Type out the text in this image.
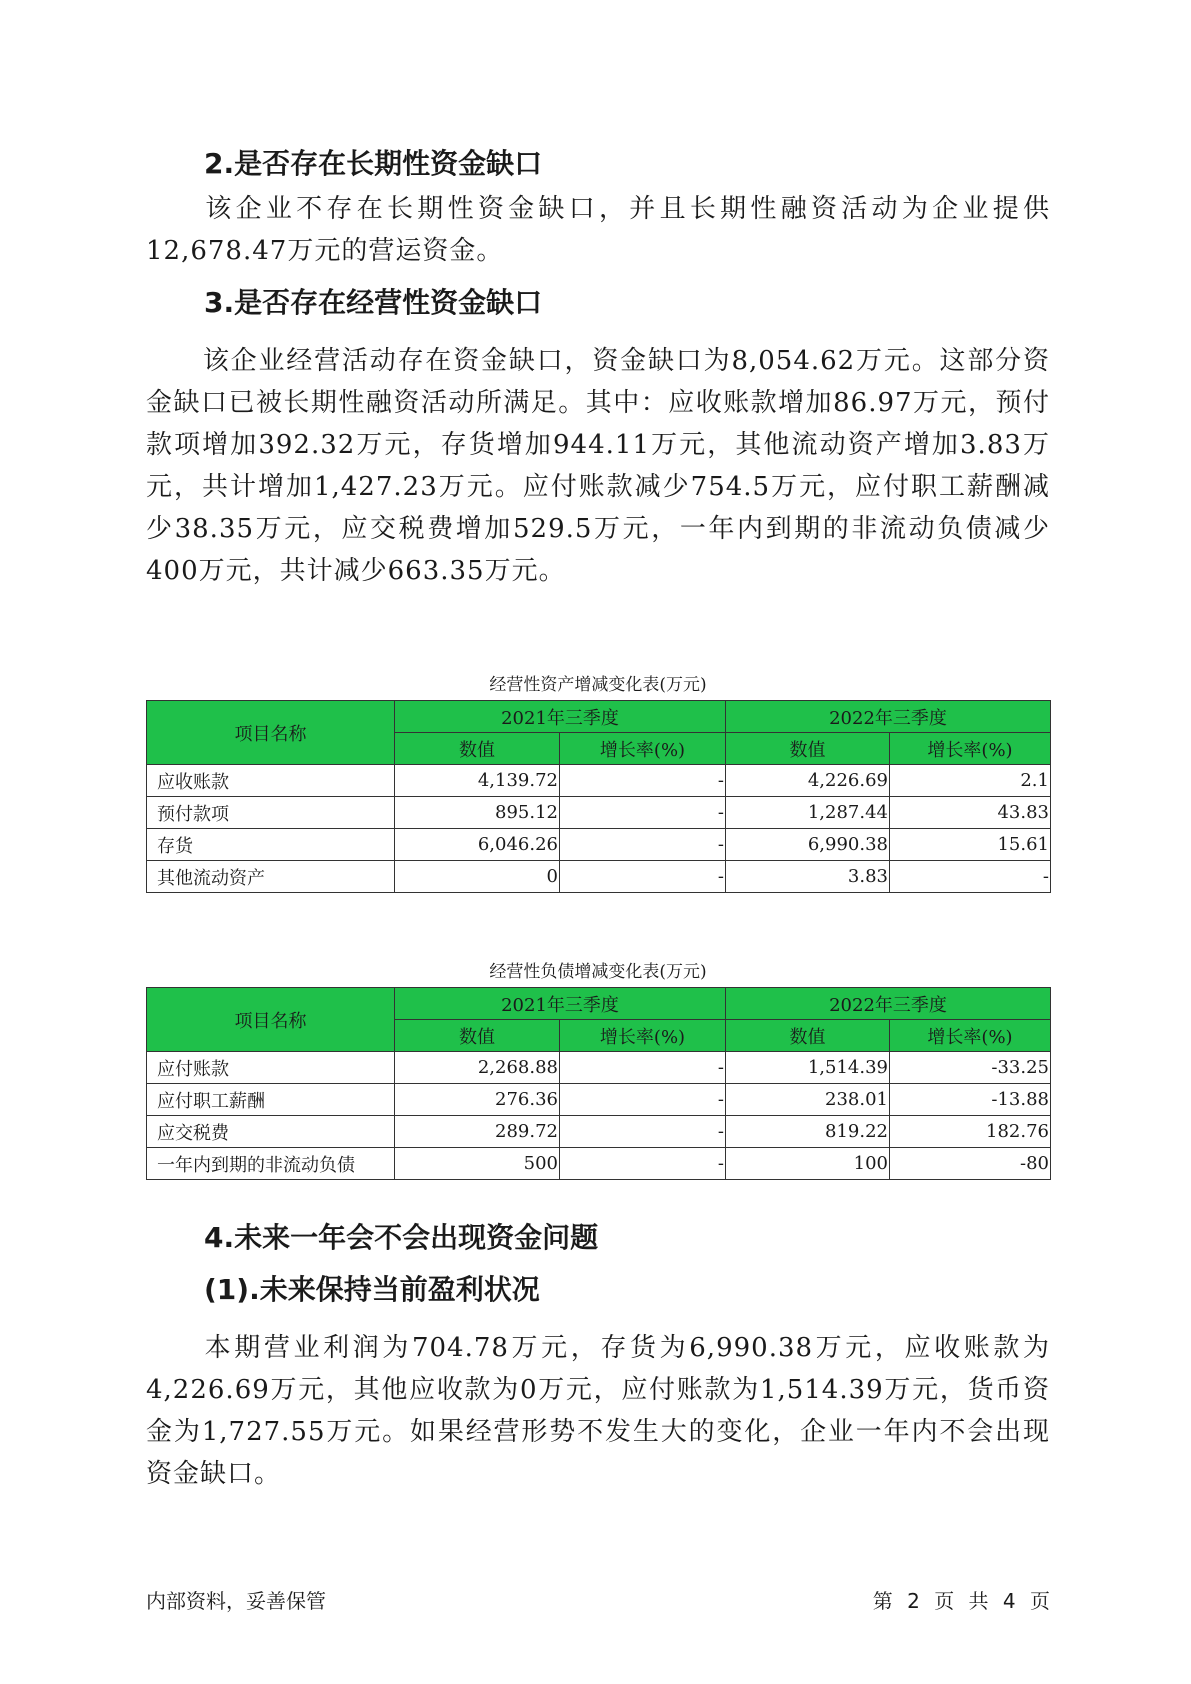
2.是否存在长期性资金缺口

该企业不存在长期性资金缺口，并且长期性融资活动为企业提供12,678.47万元的营运资金。

3.是否存在经营性资金缺口

该企业经营活动存在资金缺口，资金缺口为8,054.62万元。这部分资金缺口已被长期性融资活动所满足。其中：应收账款增加86.97万元，预付款项增加392.32万元，存货增加944.11万元，其他流动资产增加3.83万元，共计增加1,427.23万元。应付账款减少754.5万元，应付职工薪酬减少38.35万元，应交税费增加529.5万元，一年内到期的非流动负债减少400万元，共计减少663.35万元。

经营性资产增减变化表(万元)

项目名称	2021年三季度		2022年三季度	
	数值	增长率(%)	数值	增长率(%)
应收账款	4,139.72	-	4,226.69	2.1
预付款项	895.12	-	1,287.44	43.83
存货	6,046.26	-	6,990.38	15.61
其他流动资产	0	-	3.83	-

经营性负债增减变化表(万元)

项目名称	2021年三季度		2022年三季度	
	数值	增长率(%)	数值	增长率(%)
应付账款	2,268.88	-	1,514.39	-33.25
应付职工薪酬	276.36	-	238.01	-13.88
应交税费	289.72	-	819.22	182.76
一年内到期的非流动负债	500	-	100	-80
4.未来一年会不会出现资金问题
(1).未来保持当前盈利状况

本期营业利润为704.78万元，存货为6,990.38万元，应收账款为4,226.69万元，其他应收款为0万元，应付账款为1,514.39万元，货币资金为1,727.55万元。如果经营形势不发生大的变化，企业一年内不会出现资金缺口。

内部资料，妥善保管	第 2 页 共 4 页
